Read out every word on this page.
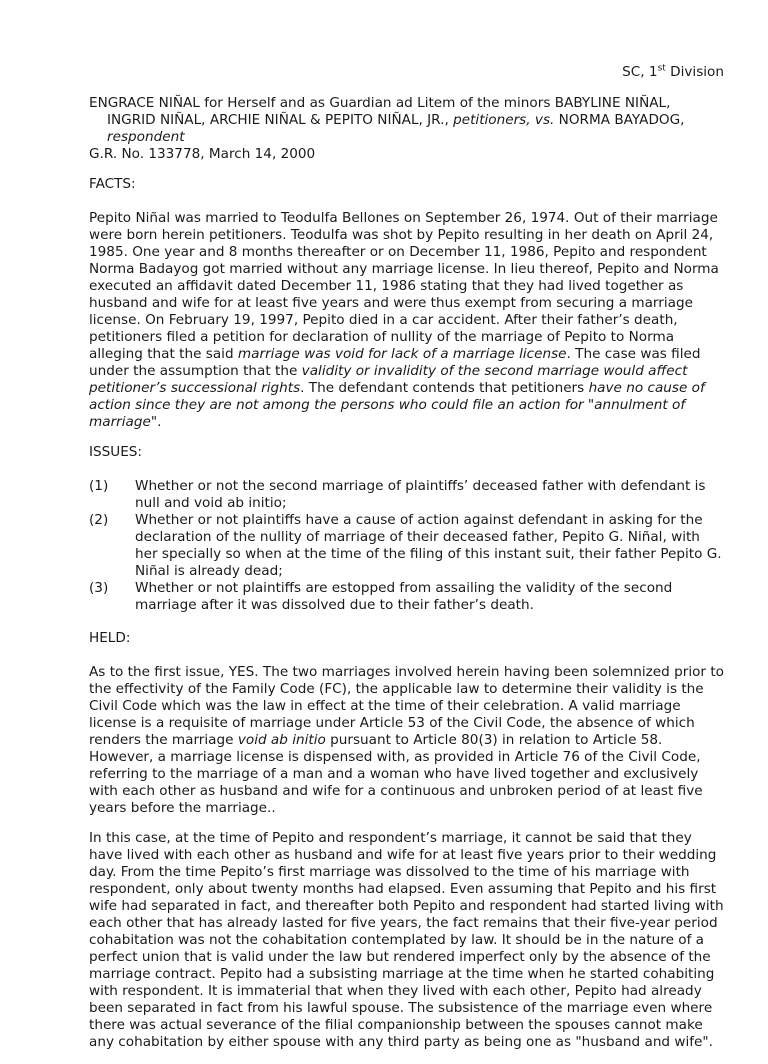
SC, 1st Division
ENGRACE NIÑAL for Herself and as Guardian ad Litem of the minors BABYLINE NIÑAL,
INGRID NIÑAL, ARCHIE NIÑAL & PEPITO NIÑAL, JR., petitioners, vs. NORMA BAYADOG, respondent
G.R. No. 133778, March 14, 2000
FACTS:

Pepito Niñal was married to Teodulfa Bellones on September 26, 1974. Out of their marriage were born herein petitioners. Teodulfa was shot by Pepito resulting in her death on April 24, 1985. One year and 8 months thereafter or on December 11, 1986, Pepito and respondent Norma Badayog got married without any marriage license. In lieu thereof, Pepito and Norma executed an affidavit dated December 11, 1986 stating that they had lived together as husband and wife for at least five years and were thus exempt from securing a marriage license. On February 19, 1997, Pepito died in a car accident. After their father’s death, petitioners filed a petition for declaration of nullity of the marriage of Pepito to Norma alleging that the said marriage was void for lack of a marriage license. The case was filed under the assumption that the validity or invalidity of the second marriage would affect petitioner’s successional rights. The defendant contends that petitioners have no cause of action since they are not among the persons who could file an action for "annulment of marriage".

ISSUES:
(1)	Whether or not the second marriage of plaintiffs’ deceased father with defendant is null and void ab initio;
(2)	Whether or not plaintiffs have a cause of action against defendant in asking for the declaration of the nullity of marriage of their deceased father, Pepito G. Niñal, with her specially so when at the time of the filing of this instant suit, their father Pepito G. Niñal is already dead;
(3)	Whether or not plaintiffs are estopped from assailing the validity of the second marriage after it was dissolved due to their father’s death.
HELD:

As to the first issue, YES. The two marriages involved herein having been solemnized prior to the effectivity of the Family Code (FC), the applicable law to determine their validity is the Civil Code which was the law in effect at the time of their celebration. A valid marriage license is a requisite of marriage under Article 53 of the Civil Code, the absence of which renders the marriage void ab initio pursuant to Article 80(3) in relation to Article 58. However, a marriage license is dispensed with, as provided in Article 76 of the Civil Code, referring to the marriage of a man and a woman who have lived together and exclusively with each other as husband and wife for a continuous and unbroken period of at least five years before the marriage..

In this case, at the time of Pepito and respondent’s marriage, it cannot be said that they have lived with each other as husband and wife for at least five years prior to their wedding day. From the time Pepito’s first marriage was dissolved to the time of his marriage with respondent, only about twenty months had elapsed. Even assuming that Pepito and his first wife had separated in fact, and thereafter both Pepito and respondent had started living with each other that has already lasted for five years, the fact remains that their five-year period cohabitation was not the cohabitation contemplated by law. It should be in the nature of a perfect union that is valid under the law but rendered imperfect only by the absence of the marriage contract. Pepito had a subsisting marriage at the time when he started cohabiting with respondent. It is immaterial that when they lived with each other, Pepito had already been separated in fact from his lawful spouse. The subsistence of the marriage even where there was actual severance of the filial companionship between the spouses cannot make any cohabitation by either spouse with any third party as being one as "husband and wife".
